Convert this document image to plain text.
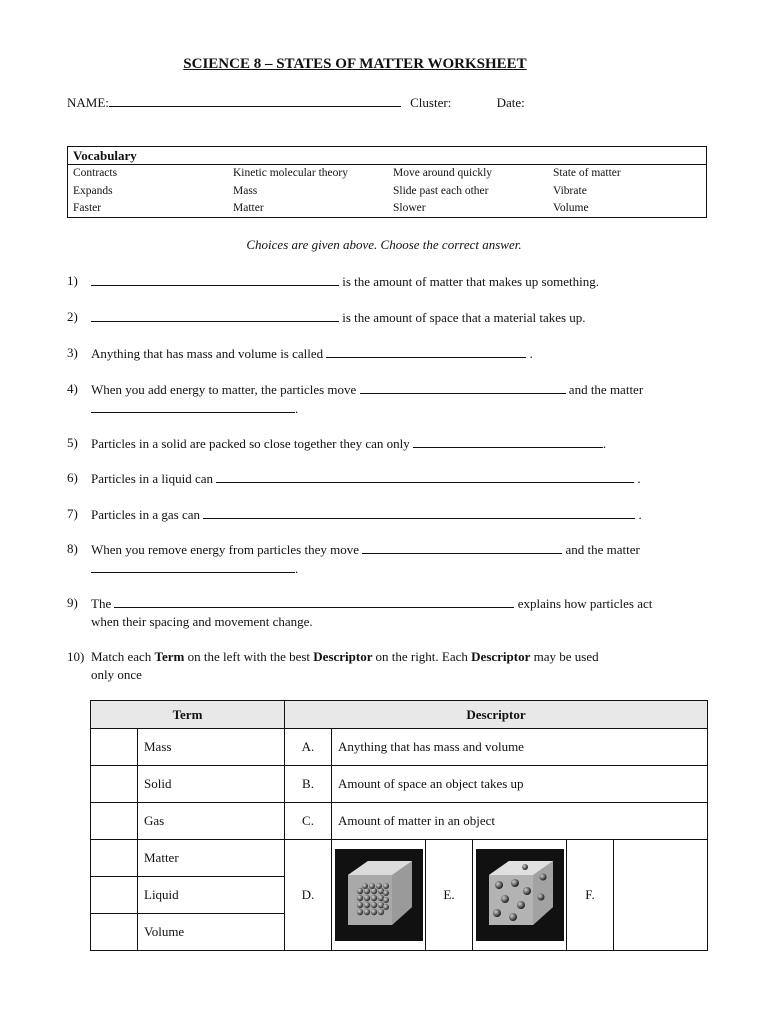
SCIENCE 8 – STATES OF MATTER WORKSHEET
NAME:	Cluster:	Date:
Vocabulary
Contracts	Kinetic molecular theory	Move around quickly	State of matter
Expands	Mass	Slide past each other	Vibrate
Faster	Matter	Slower	Volume
Choices are given above. Choose the correct answer.
1)	is the amount of matter that makes up something.
2)	is the amount of space that a material takes up.
3) Anything that has mass and volume is called	.
4) When you add energy to matter, the particles move	and the matter
.
5) Particles in a solid are packed so close together they can only	.
6) Particles in a liquid can	.
7) Particles in a gas can	.
8) When you remove energy from particles they move	and the matter
.
9) The	explains how particles act
when their spacing and movement change.
10) Match each Term on the left with the best Descriptor on the right. Each Descriptor may be used
only once
Term		Descriptor					
	Mass	A.	Anything that has mass and volume				
	Solid	B.	Amount of space an object takes up				
	Gas	C.	Amount of matter in an object				
	Matter	D.		E.		F.	
	Liquid						
	Volume						
